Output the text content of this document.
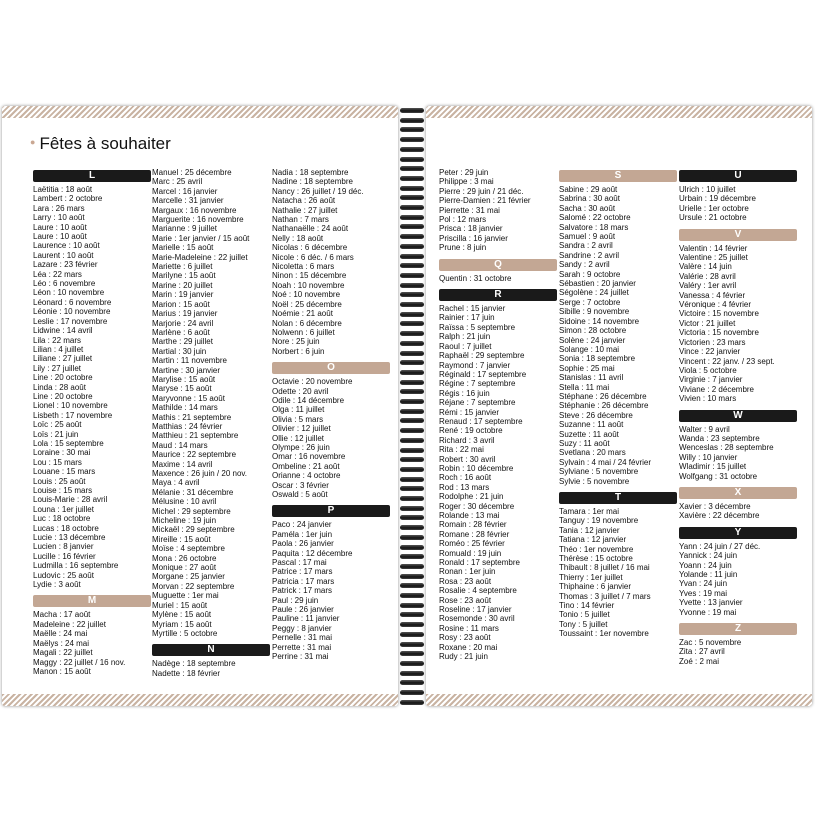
● Fêtes à souhaiter
L
Laëtitia : 18 août
Lambert : 2 octobre
Lara : 26 mars
Larry : 10 août
Laure : 10 août
Laure : 10 août
Laurence : 10 août
Laurent : 10 août
Lazare : 23 février
Léa : 22 mars
Léo : 6 novembre
Léon : 10 novembre
Léonard : 6 novembre
Léonie : 10 novembre
Leslie : 17 novembre
Lidwine : 14 avril
Lila : 22 mars
Lilian : 4 juillet
Liliane : 27 juillet
Lily : 27 juillet
Line : 20 octobre
Linda : 28 août
Line : 20 octobre
Lionel : 10 novembre
Lisbeth : 17 novembre
Loïc : 25 août
Loïs : 21 juin
Lola : 15 septembre
Loraine : 30 mai
Lou : 15 mars
Louane : 15 mars
Louis : 25 août
Louise : 15 mars
Louis-Marie : 28 avril
Louna : 1er juillet
Luc : 18 octobre
Lucas : 18 octobre
Lucie : 13 décembre
Lucien : 8 janvier
Lucille : 16 février
Ludmilla : 16 septembre
Ludovic : 25 août
Lydie : 3 août
M
Macha : 17 août
Madeleine : 22 juillet
Maëlle : 24 mai
Maëlys : 24 mai
Magali : 22 juillet
Maggy : 22 juillet / 16 nov.
Manon : 15 août
Manuel : 25 décembre
Marc : 25 avril
Marcel : 16 janvier
Marcelle : 31 janvier
Margaux : 16 novembre
Marguerite : 16 novembre
Marianne : 9 juillet
Marie : 1er janvier / 15 août
Marielle : 15 août
Marie-Madeleine : 22 juillet
Mariette : 6 juillet
Marilyne : 15 août
Marine : 20 juillet
Marin : 19 janvier
Marion : 15 août
Marius : 19 janvier
Marjorie : 24 avril
Marlène : 6 août
Marthe : 29 juillet
Martial : 30 juin
Martin : 11 novembre
Martine : 30 janvier
Marylise : 15 août
Maryse : 15 août
Maryvonne : 15 août
Mathilde : 14 mars
Mathis : 21 septembre
Matthias : 24 février
Matthieu : 21 septembre
Maud : 14 mars
Maurice : 22 septembre
Maxime : 14 avril
Maxence : 26 juin / 20 nov.
Maya : 4 avril
Mélanie : 31 décembre
Mélusine : 10 avril
Michel : 29 septembre
Micheline : 19 juin
Mickaël : 29 septembre
Mireille : 15 août
Moïse : 4 septembre
Mona : 26 octobre
Monique : 27 août
Morgane : 25 janvier
Morvan : 22 septembre
Muguette : 1er mai
Muriel : 15 août
Mylène : 15 août
Myriam : 15 août
Myrtille : 5 octobre
N
Nadège : 18 septembre
Nadette : 18 février
Nadia : 18 septembre
Nadine : 18 septembre
Nancy : 26 juillet / 19 déc.
Natacha : 26 août
Nathalie : 27 juillet
Nathan : 7 mars
Nathanaëlle : 24 août
Nelly : 18 août
Nicolas : 6 décembre
Nicole : 6 déc. / 6 mars
Nicoletta : 6 mars
Ninon : 15 décembre
Noah : 10 novembre
Noé : 10 novembre
Noël : 25 décembre
Noémie : 21 août
Nolan : 6 décembre
Nolwenn : 6 juillet
Nore : 25 juin
Norbert : 6 juin
O
Octavie : 20 novembre
Odette : 20 avril
Odile : 14 décembre
Olga : 11 juillet
Olivia : 5 mars
Olivier : 12 juillet
Ollie : 12 juillet
Olympe : 26 juin
Omar : 16 novembre
Ombeline : 21 août
Orianne : 4 octobre
Oscar : 3 février
Oswald : 5 août
P
Paco : 24 janvier
Paméla : 1er juin
Paola : 26 janvier
Paquita : 12 décembre
Pascal : 17 mai
Patrice : 17 mars
Patricia : 17 mars
Patrick : 17 mars
Paul : 29 juin
Paule : 26 janvier
Pauline : 11 janvier
Peggy : 8 janvier
Pernelle : 31 mai
Perrette : 31 mai
Perrine : 31 mai
Peter : 29 juin
Philippe : 3 mai
Pierre : 29 juin / 21 déc.
Pierre-Damien : 21 février
Pierrette : 31 mai
Pol : 12 mars
Prisca : 18 janvier
Priscilla : 16 janvier
Prune : 8 juin
Q
Quentin : 31 octobre
R
Rachel : 15 janvier
Rainier : 17 juin
Raïssa : 5 septembre
Ralph : 21 juin
Raoul : 7 juillet
Raphaël : 29 septembre
Raymond : 7 janvier
Réginald : 17 septembre
Régine : 7 septembre
Régis : 16 juin
Réjane : 7 septembre
Rémi : 15 janvier
Renaud : 17 septembre
René : 19 octobre
Richard : 3 avril
Rita : 22 mai
Robert : 30 avril
Robin : 10 décembre
Roch : 16 août
Rod : 13 mars
Rodolphe : 21 juin
Roger : 30 décembre
Rolande : 13 mai
Romain : 28 février
Romane : 28 février
Roméo : 25 février
Romuald : 19 juin
Ronald : 17 septembre
Ronan : 1er juin
Rosa : 23 août
Rosalie : 4 septembre
Rose : 23 août
Roseline : 17 janvier
Rosemonde : 30 avril
Rosine : 11 mars
Rosy : 23 août
Roxane : 20 mai
Rudy : 21 juin
S
Sabine : 29 août
Sabrina : 30 août
Sacha : 30 août
Salomé : 22 octobre
Salvatore : 18 mars
Samuel : 9 août
Sandra : 2 avril
Sandrine : 2 avril
Sandy : 2 avril
Sarah : 9 octobre
Sébastien : 20 janvier
Ségolène : 24 juillet
Serge : 7 octobre
Sibille : 9 novembre
Sidoine : 14 novembre
Simon : 28 octobre
Solène : 24 janvier
Solange : 10 mai
Sonia : 18 septembre
Sophie : 25 mai
Stanislas : 11 avril
Stella : 11 mai
Stéphane : 26 décembre
Stéphanie : 26 décembre
Steve : 26 décembre
Suzanne : 11 août
Suzette : 11 août
Suzy : 11 août
Svetlana : 20 mars
Sylvain : 4 mai / 24 février
Sylviane : 5 novembre
Sylvie : 5 novembre
T
Tamara : 1er mai
Tanguy : 19 novembre
Tania : 12 janvier
Tatiana : 12 janvier
Théo : 1er novembre
Thérèse : 15 octobre
Thibault : 8 juillet / 16 mai
Thierry : 1er juillet
Thiphaine : 6 janvier
Thomas : 3 juillet / 7 mars
Tino : 14 février
Tonio : 5 juillet
Tony : 5 juillet
Toussaint : 1er novembre
U
Ulrich : 10 juillet
Urbain : 19 décembre
Urielle : 1er octobre
Ursule : 21 octobre
V
Valentin : 14 février
Valentine : 25 juillet
Valère : 14 juin
Valérie : 28 avril
Valéry : 1er avril
Vanessa : 4 février
Véronique : 4 février
Victoire : 15 novembre
Victor : 21 juillet
Victoria : 15 novembre
Victorien : 23 mars
Vince : 22 janvier
Vincent : 22 janv. / 23 sept.
Viola : 5 octobre
Virginie : 7 janvier
Viviane : 2 décembre
Vivien : 10 mars
W
Walter : 9 avril
Wanda : 23 septembre
Wenceslas : 28 septembre
Willy : 10 janvier
Wladimir : 15 juillet
Wolfgang : 31 octobre
X
Xavier : 3 décembre
Xavière : 22 décembre
Y
Yann : 24 juin / 27 déc.
Yannick : 24 juin
Yoann : 24 juin
Yolande : 11 juin
Yvan : 24 juin
Yves : 19 mai
Yvette : 13 janvier
Yvonne : 19 mai
Z
Zac : 5 novembre
Zita : 27 avril
Zoé : 2 mai
